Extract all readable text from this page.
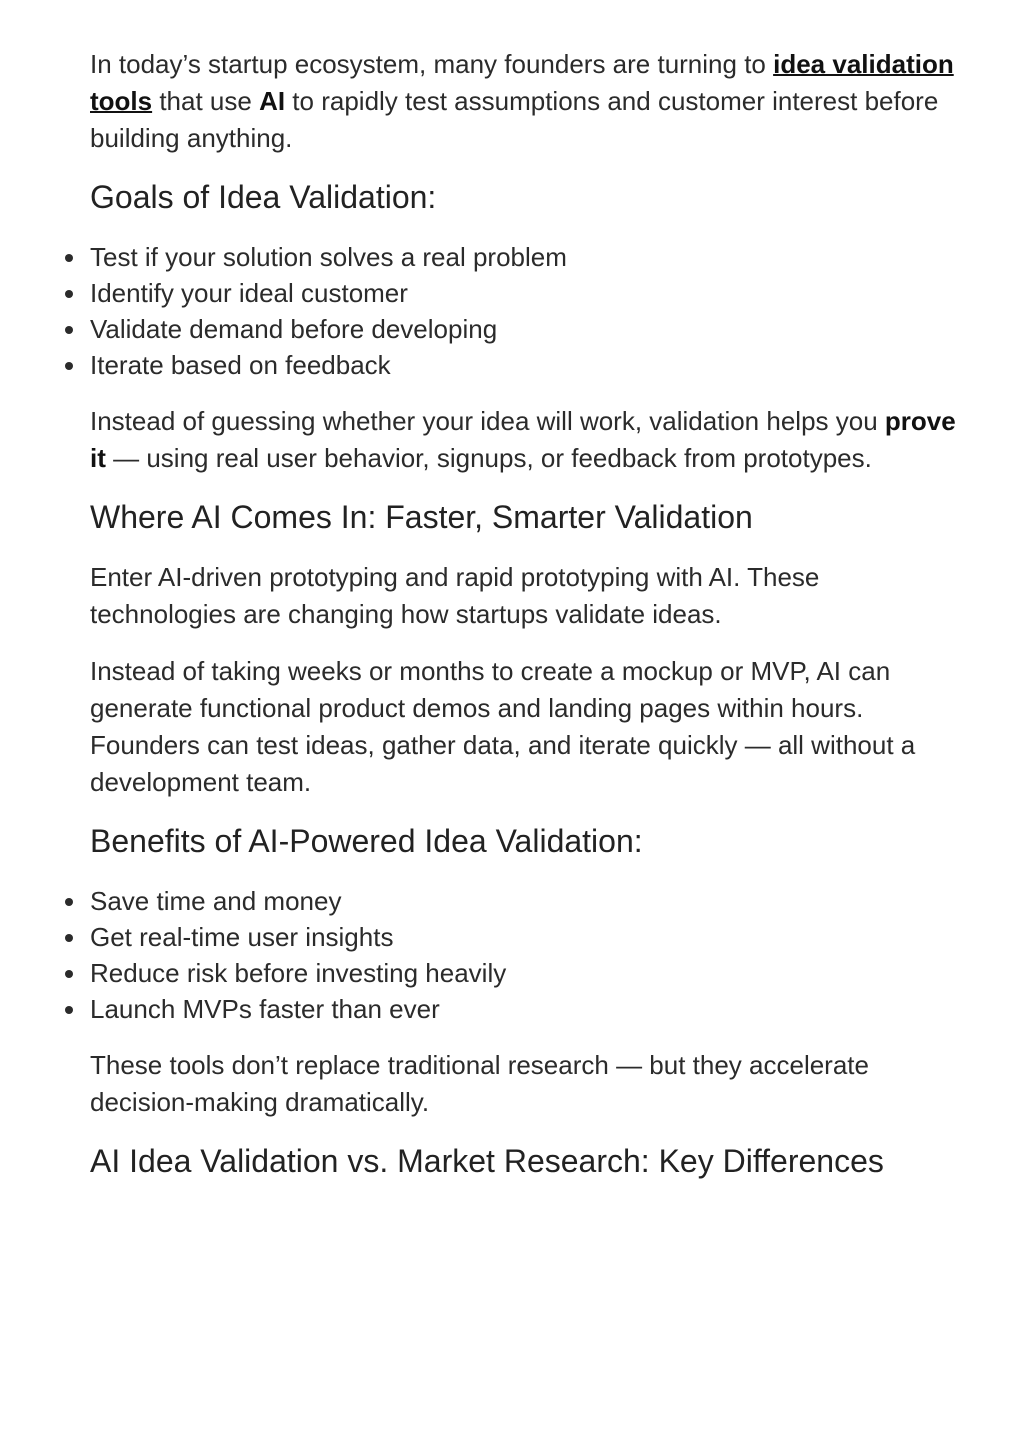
In today’s startup ecosystem, many founders are turning to idea validation tools that use AI to rapidly test assumptions and customer interest before building anything.

Goals of Idea Validation:
Test if your solution solves a real problem
Identify your ideal customer
Validate demand before developing
Iterate based on feedback

Instead of guessing whether your idea will work, validation helps you prove it — using real user behavior, signups, or feedback from prototypes.

Where AI Comes In: Faster, Smarter Validation

Enter AI-driven prototyping and rapid prototyping with AI. These technologies are changing how startups validate ideas.

Instead of taking weeks or months to create a mockup or MVP, AI can generate functional product demos and landing pages within hours. Founders can test ideas, gather data, and iterate quickly — all without a development team.

Benefits of AI-Powered Idea Validation:
Save time and money
Get real-time user insights
Reduce risk before investing heavily
Launch MVPs faster than ever

These tools don’t replace traditional research — but they accelerate decision-making dramatically.

AI Idea Validation vs. Market Research: Key Differences
